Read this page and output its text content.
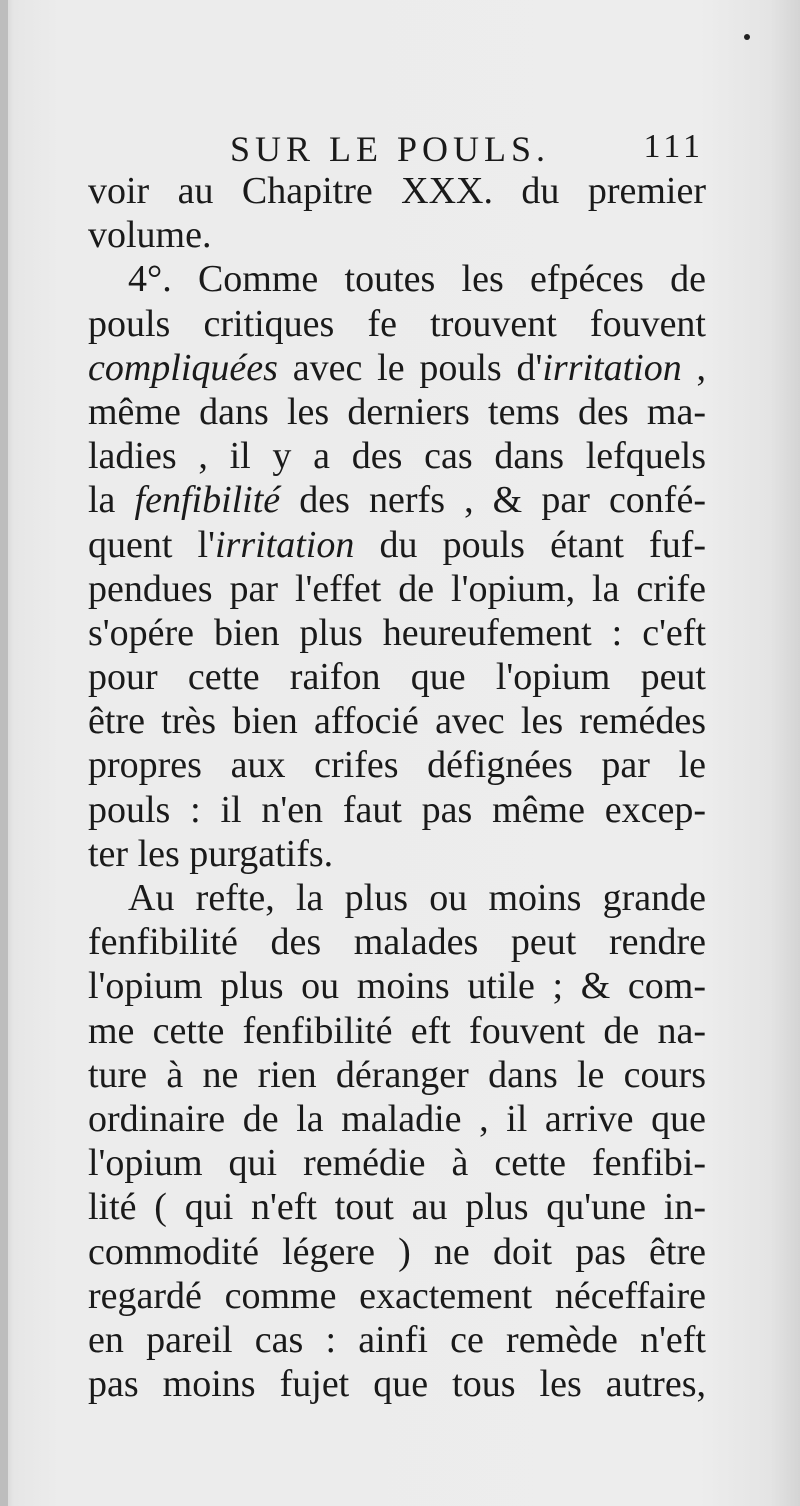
SUR LE POULS.	111
voir au Chapitre XXX. du premier
volume.
4°. Comme toutes les efpéces de
pouls critiques fe trouvent fouvent
compliquées avec le pouls d'irritation ,
même dans les derniers tems des ma-
ladies , il y a des cas dans lefquels
la fenfibilité des nerfs , & par confé-
quent l'irritation du pouls étant fuf-
pendues par l'effet de l'opium, la crife
s'opére bien plus heureufement : c'eft
pour cette raifon que l'opium peut
être très bien affocié avec les remédes
propres aux crifes défignées par le
pouls : il n'en faut pas même excep-
ter les purgatifs.
Au refte, la plus ou moins grande
fenfibilité des malades peut rendre
l'opium plus ou moins utile ; & com-
me cette fenfibilité eft fouvent de na-
ture à ne rien déranger dans le cours
ordinaire de la maladie , il arrive que
l'opium qui remédie à cette fenfibi-
lité ( qui n'eft tout au plus qu'une in-
commodité légere ) ne doit pas être
regardé comme exactement néceffaire
en pareil cas : ainfi ce remède n'eft
pas moins fujet que tous les autres,
